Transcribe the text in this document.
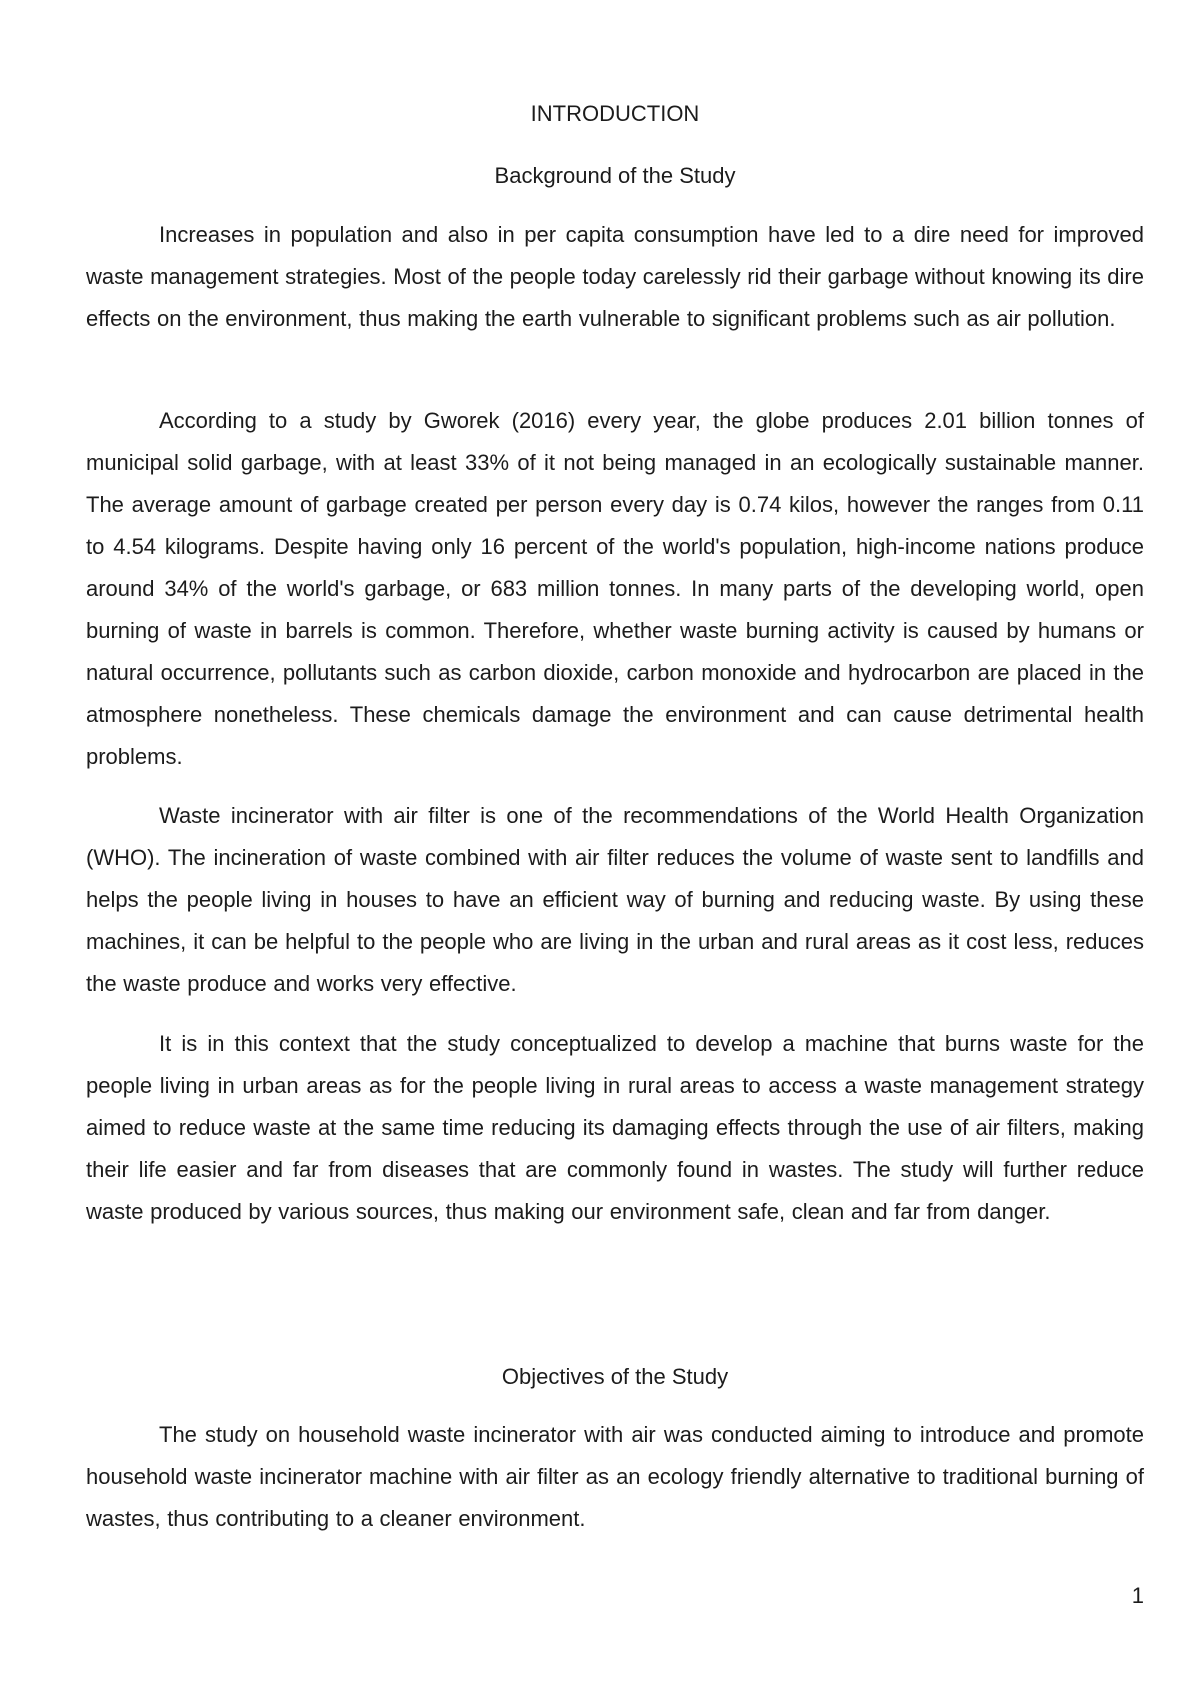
INTRODUCTION
Background of the Study

Increases in population and also in per capita consumption have led to a dire need for improved waste management strategies. Most of the people today carelessly rid their garbage without knowing its dire effects on the environment, thus making the earth vulnerable to significant problems such as air pollution.

According to a study by Gworek (2016) every year, the globe produces 2.01 billion tonnes of municipal solid garbage, with at least 33% of it not being managed in an ecologically sustainable manner. The average amount of garbage created per person every day is 0.74 kilos, however the ranges from 0.11 to 4.54 kilograms. Despite having only 16 percent of the world's population, high-income nations produce around 34% of the world's garbage, or 683 million tonnes. In many parts of the developing world, open burning of waste in barrels is common. Therefore, whether waste burning activity is caused by humans or natural occurrence, pollutants such as carbon dioxide, carbon monoxide and hydrocarbon are placed in the atmosphere nonetheless. These chemicals damage the environment and can cause detrimental health problems.

Waste incinerator with air filter is one of the recommendations of the World Health Organization (WHO). The incineration of waste combined with air filter reduces the volume of waste sent to landfills and helps the people living in houses to have an efficient way of burning and reducing waste. By using these machines, it can be helpful to the people who are living in the urban and rural areas as it cost less, reduces the waste produce and works very effective.

It is in this context that the study conceptualized to develop a machine that burns waste for the people living in urban areas as for the people living in rural areas to access a waste management strategy aimed to reduce waste at the same time reducing its damaging effects through the use of air filters, making their life easier and far from diseases that are commonly found in wastes. The study will further reduce waste produced by various sources, thus making our environment safe, clean and far from danger.

Objectives of the Study

The study on household waste incinerator with air was conducted aiming to introduce and promote household waste incinerator machine with air filter as an ecology friendly alternative to traditional burning of wastes, thus contributing to a cleaner environment.

1
